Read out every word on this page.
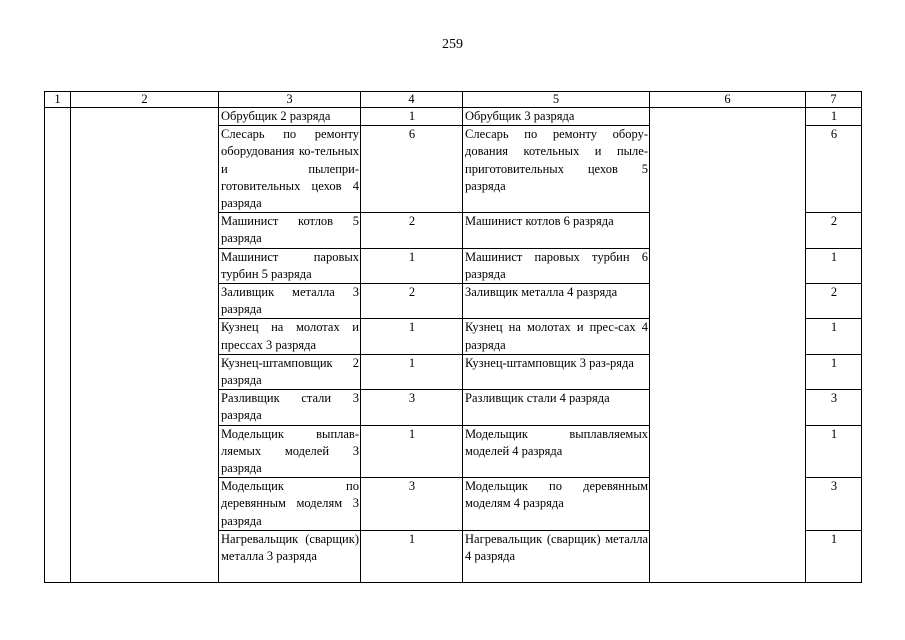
259
1	2	3	4	5	6	7
		Обрубщик 2 разряда	1	Обрубщик 3 разряда		1
		Слесарь по ремонту оборудования ко-тельных и пылепри-готовительных цехов 4 разряда	6	Слесарь по ремонту обору-дования котельных и пыле-приготовительных цехов 5 разряда		6
		Машинист котлов 5 разряда	2	Машинист котлов 6 разряда		2
		Машинист паровых турбин 5 разряда	1	Машинист паровых турбин 6 разряда		1
		Заливщик металла 3 разряда	2	Заливщик металла 4 разряда		2
		Кузнец на молотах и прессах 3 разряда	1	Кузнец на молотах и прес-сах 4 разряда		1
		Кузнец-штамповщик 2 разряда	1	Кузнец-штамповщик 3 раз-ряда		1
		Разливщик стали 3 разряда	3	Разливщик стали 4 разряда		3
		Модельщик выплав-ляемых моделей 3 разряда	1	Модельщик выплавляемых моделей 4 разряда		1
		Модельщик по деревянным моделям 3 разряда	3	Модельщик по деревянным моделям 4 разряда		3
		Нагревальщик (сварщик) металла 3 разряда	1	Нагревальщик (сварщик) металла 4 разряда		1
